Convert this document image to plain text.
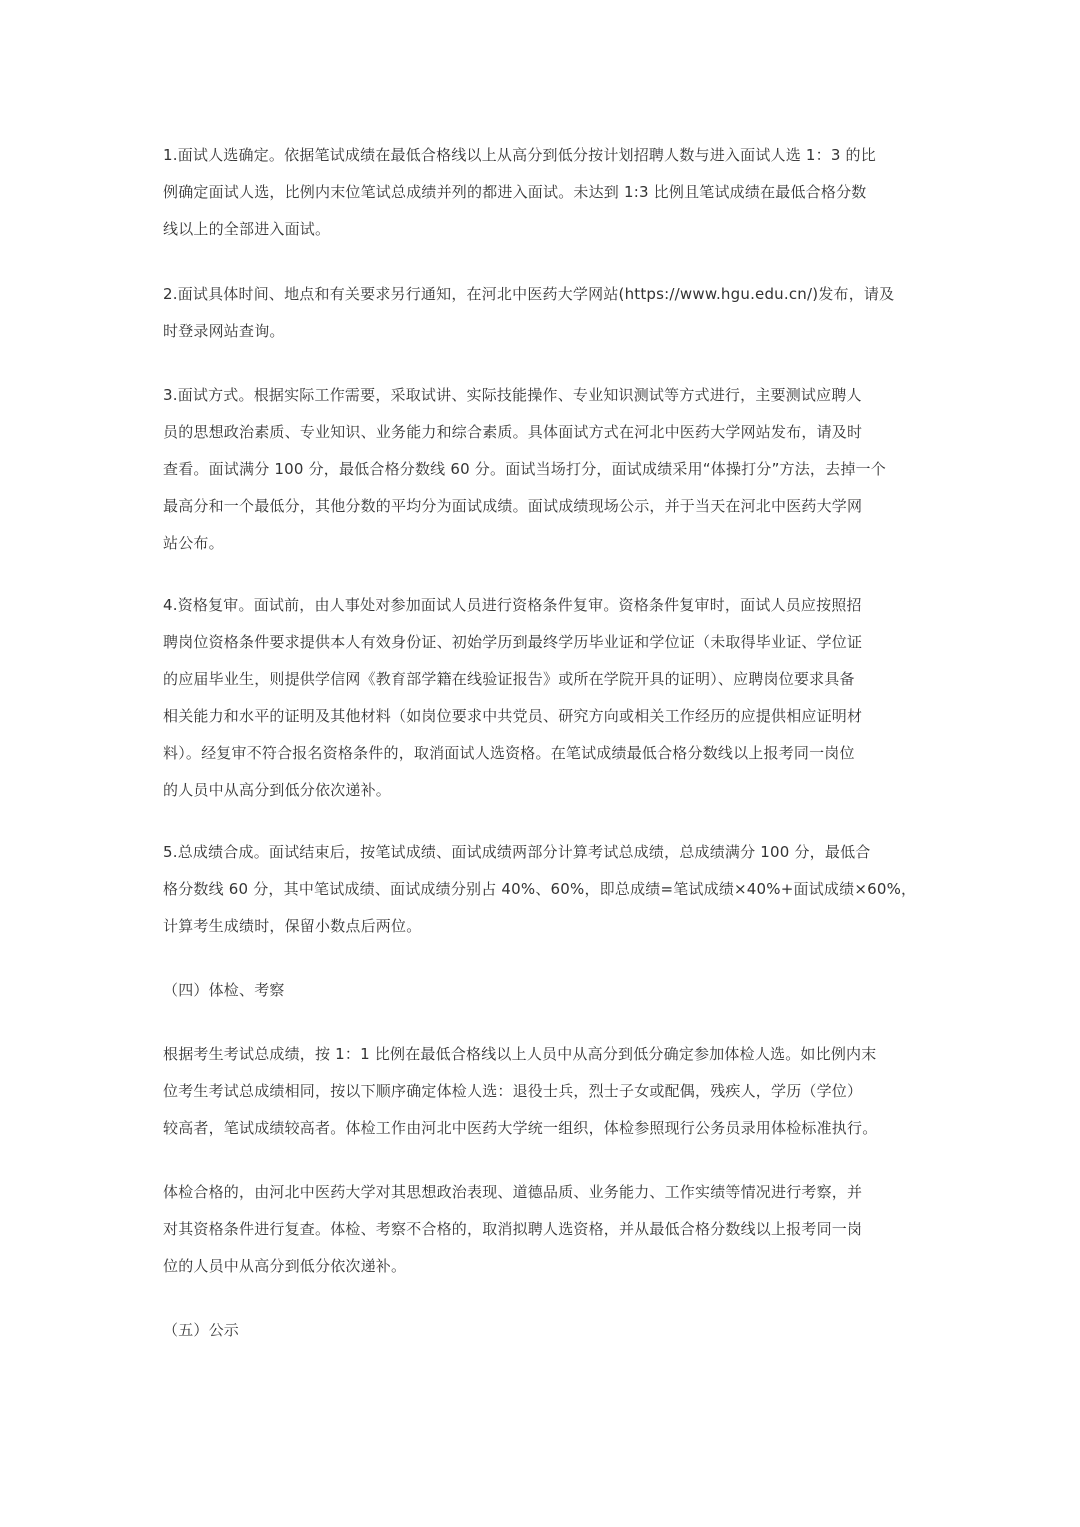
1.面试人选确定。依据笔试成绩在最低合格线以上从高分到低分按计划招聘人数与进入面试人选 1：3 的比
例确定面试人选，比例内末位笔试总成绩并列的都进入面试。未达到 1:3 比例且笔试成绩在最低合格分数
线以上的全部进入面试。

2.面试具体时间、地点和有关要求另行通知，在河北中医药大学网站(https://www.hgu.edu.cn/)发布，请及
时登录网站查询。

3.面试方式。根据实际工作需要，采取试讲、实际技能操作、专业知识测试等方式进行，主要测试应聘人
员的思想政治素质、专业知识、业务能力和综合素质。具体面试方式在河北中医药大学网站发布，请及时
查看。面试满分 100 分，最低合格分数线 60 分。面试当场打分，面试成绩采用“体操打分”方法，去掉一个
最高分和一个最低分，其他分数的平均分为面试成绩。面试成绩现场公示，并于当天在河北中医药大学网
站公布。

4.资格复审。面试前，由人事处对参加面试人员进行资格条件复审。资格条件复审时，面试人员应按照招
聘岗位资格条件要求提供本人有效身份证、初始学历到最终学历毕业证和学位证（未取得毕业证、学位证
的应届毕业生，则提供学信网《教育部学籍在线验证报告》或所在学院开具的证明）、应聘岗位要求具备
相关能力和水平的证明及其他材料（如岗位要求中共党员、研究方向或相关工作经历的应提供相应证明材
料）。经复审不符合报名资格条件的，取消面试人选资格。在笔试成绩最低合格分数线以上报考同一岗位
的人员中从高分到低分依次递补。

5.总成绩合成。面试结束后，按笔试成绩、面试成绩两部分计算考试总成绩，总成绩满分 100 分，最低合
格分数线 60 分，其中笔试成绩、面试成绩分别占 40%、60%，即总成绩=笔试成绩×40%+面试成绩×60%，
计算考生成绩时，保留小数点后两位。

（四）体检、考察

根据考生考试总成绩，按 1：1 比例在最低合格线以上人员中从高分到低分确定参加体检人选。如比例内末
位考生考试总成绩相同，按以下顺序确定体检人选：退役士兵，烈士子女或配偶，残疾人，学历（学位）
较高者，笔试成绩较高者。体检工作由河北中医药大学统一组织，体检参照现行公务员录用体检标准执行。

体检合格的，由河北中医药大学对其思想政治表现、道德品质、业务能力、工作实绩等情况进行考察，并
对其资格条件进行复查。体检、考察不合格的，取消拟聘人选资格，并从最低合格分数线以上报考同一岗
位的人员中从高分到低分依次递补。

（五）公示
